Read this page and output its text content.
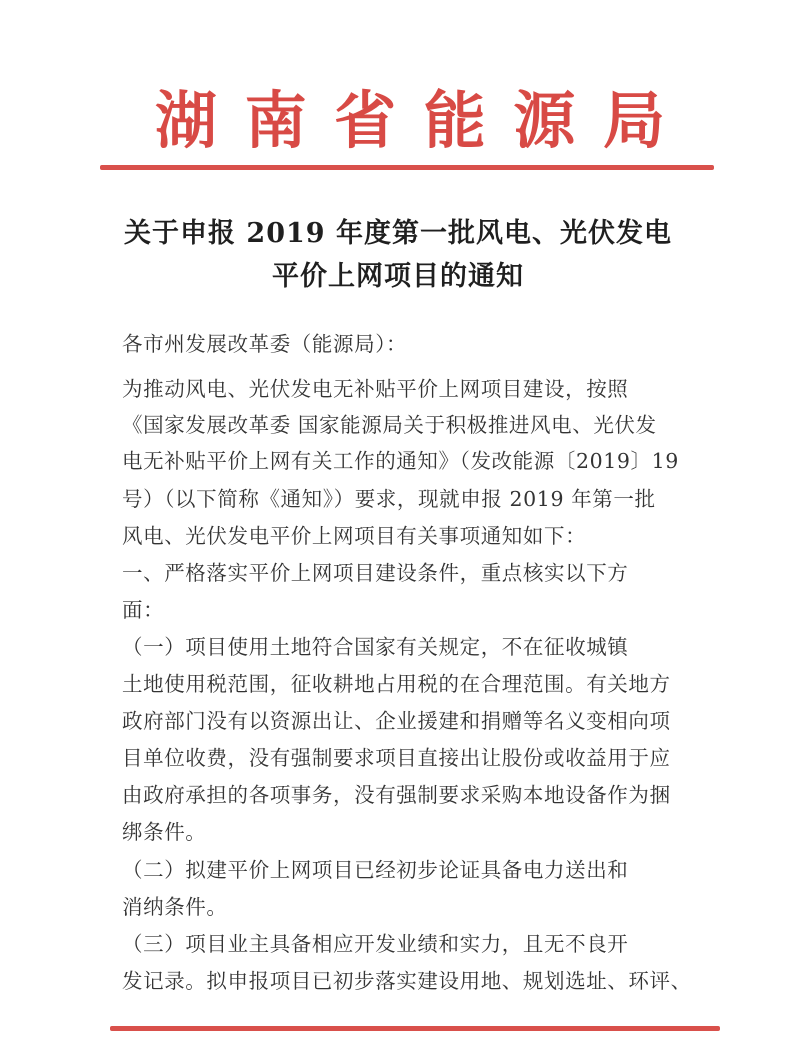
湖 南 省 能 源 局
关于申报 2019 年度第一批风电、光伏发电
平价上网项目的通知
各市州发展改革委（能源局）：
为推动风电、光伏发电无补贴平价上网项目建设，按照
《国家发展改革委 国家能源局关于积极推进风电、光伏发
电无补贴平价上网有关工作的通知》（发改能源〔2019〕19
号）（以下简称《通知》）要求，现就申报 2019 年第一批
风电、光伏发电平价上网项目有关事项通知如下：
一、严格落实平价上网项目建设条件，重点核实以下方
面：
（一）项目使用土地符合国家有关规定，不在征收城镇
土地使用税范围，征收耕地占用税的在合理范围。有关地方
政府部门没有以资源出让、企业援建和捐赠等名义变相向项
目单位收费，没有强制要求项目直接出让股份或收益用于应
由政府承担的各项事务，没有强制要求采购本地设备作为捆
绑条件。
（二）拟建平价上网项目已经初步论证具备电力送出和
消纳条件。
（三）项目业主具备相应开发业绩和实力，且无不良开
发记录。拟申报项目已初步落实建设用地、规划选址、环评、
